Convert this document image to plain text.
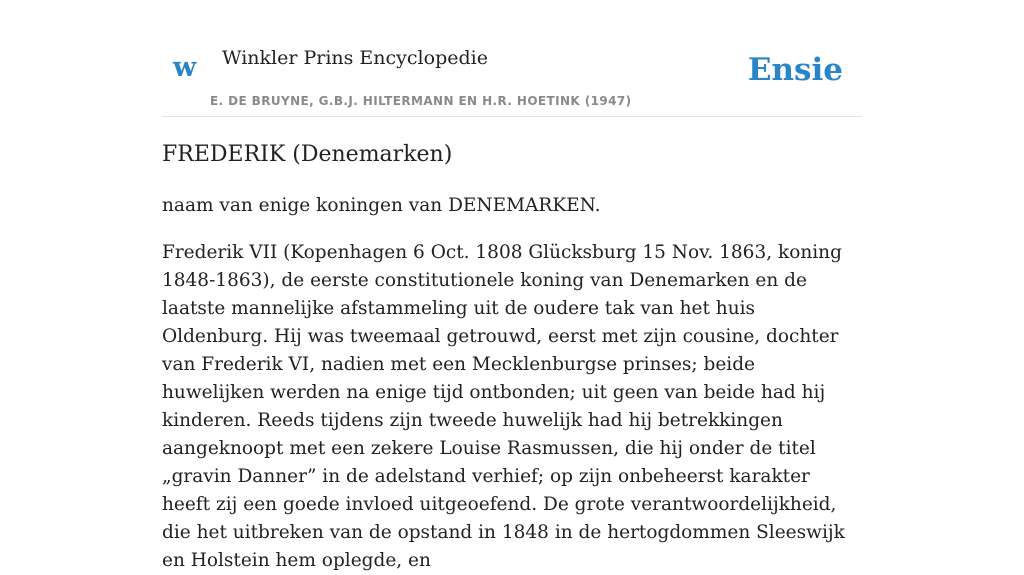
w Winkler Prins Encyclopedie
E. DE BRUYNE, G.B.J. HILTERMANN EN H.R. HOETINK (1947)
Ensie
FREDERIK (Denemarken)

naam van enige koningen van DENEMARKEN.

Frederik VII (Kopenhagen 6 Oct. 1808 Glücksburg 15 Nov. 1863, koning 1848-1863), de eerste constitutionele koning van Denemarken en de laatste mannelijke afstammeling uit de oudere tak van het huis Oldenburg. Hij was tweemaal getrouwd, eerst met zijn cousine, dochter van Frederik VI, nadien met een Mecklenburgse prinses; beide huwelijken werden na enige tijd ontbonden; uit geen van beide had hij kinderen. Reeds tijdens zijn tweede huwelijk had hij betrekkingen aangeknoopt met een zekere Louise Rasmussen, die hij onder de titel „gravin Danner” in de adelstand verhief; op zijn onbeheerst karakter heeft zij een goede invloed uitgeoefend. De grote verantwoordelijkheid, die het uitbreken van de opstand in 1848 in de hertogdommen Sleeswijk en Holstein hem oplegde, en
